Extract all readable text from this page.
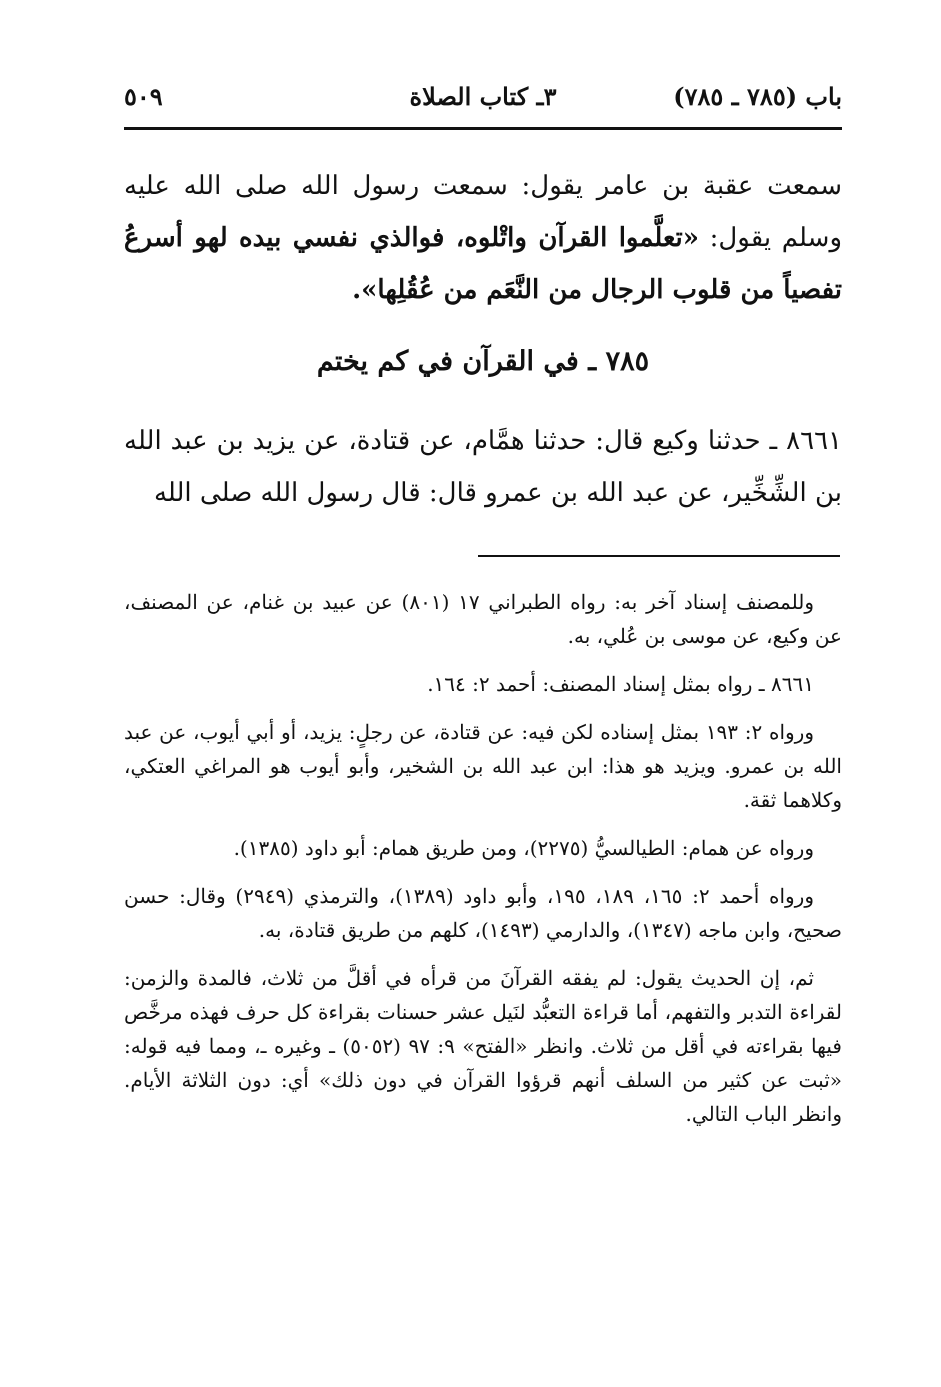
باب (٧٨٥ ـ ٧٨٥)
٣ـ كتاب الصلاة
٥٠٩

سمعت عقبة بن عامر يقول: سمعت رسول الله صلى الله عليه وسلم يقول: «تعلَّموا القرآن واتْلوه، فوالذي نفسي بيده لهو أسرعُ تفصياً من قلوب الرجال من النَّعَم من عُقُلِها».

٧٨٥ ـ في القرآن في كم يختم

٨٦٦١ ـ حدثنا وكيع قال: حدثنا همَّام، عن قتادة، عن يزيد بن عبد الله بن الشِّخِّير، عن عبد الله بن عمرو قال: قال رسول الله صلى الله

وللمصنف إسناد آخر به: رواه الطبراني ١٧ (٨٠١) عن عبيد بن غنام، عن المصنف، عن وكيع، عن موسى بن عُلي، به.

٨٦٦١ ـ رواه بمثل إسناد المصنف: أحمد ٢: ١٦٤.

ورواه ٢: ١٩٣ بمثل إسناده لكن فيه: عن قتادة، عن رجلٍ: يزيد، أو أبي أيوب، عن عبد الله بن عمرو. ويزيد هو هذا: ابن عبد الله بن الشخير، وأبو أيوب هو المراغي العتكي، وكلاهما ثقة.

ورواه عن همام: الطيالسيُّ (٢٢٧٥)، ومن طريق همام: أبو داود (١٣٨٥).

ورواه أحمد ٢: ١٦٥، ١٨٩، ١٩٥، وأبو داود (١٣٨٩)، والترمذي (٢٩٤٩) وقال: حسن صحيح، وابن ماجه (١٣٤٧)، والدارمي (١٤٩٣)، كلهم من طريق قتادة، به.

ثم، إن الحديث يقول: لم يفقه القرآنَ من قرأه في أقلَّ من ثلاث، فالمدة والزمن: لقراءة التدبر والتفهم، أما قراءة التعبُّد لنَيل عشر حسنات بقراءة كل حرف فهذه مرخَّص فيها بقراءته في أقل من ثلاث. وانظر «الفتح» ٩: ٩٧ (٥٠٥٢) ـ وغيره ـ، ومما فيه قوله: «ثبت عن كثير من السلف أنهم قرؤوا القرآن في دون ذلك» أي: دون الثلاثة الأيام. وانظر الباب التالي.
